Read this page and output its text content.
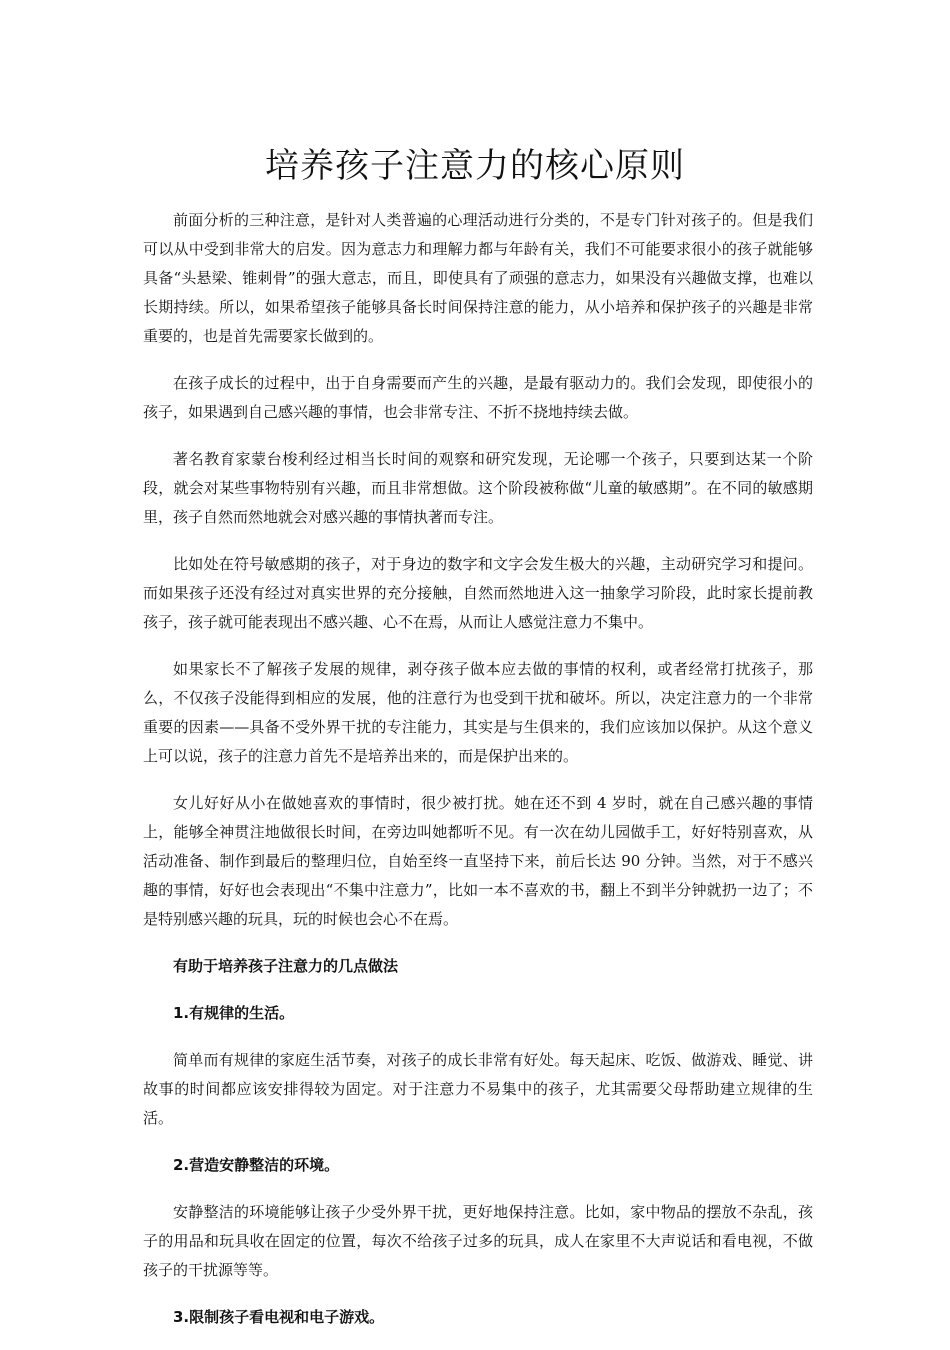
培养孩子注意力的核心原则

前面分析的三种注意，是针对人类普遍的心理活动进行分类的，不是专门针对孩子的。但是我们可以从中受到非常大的启发。因为意志力和理解力都与年龄有关，我们不可能要求很小的孩子就能够具备“头悬梁、锥刺骨”的强大意志，而且，即使具有了顽强的意志力，如果没有兴趣做支撑，也难以长期持续。所以，如果希望孩子能够具备长时间保持注意的能力，从小培养和保护孩子的兴趣是非常重要的，也是首先需要家长做到的。

在孩子成长的过程中，出于自身需要而产生的兴趣，是最有驱动力的。我们会发现，即使很小的孩子，如果遇到自己感兴趣的事情，也会非常专注、不折不挠地持续去做。

著名教育家蒙台梭利经过相当长时间的观察和研究发现，无论哪一个孩子，只要到达某一个阶段，就会对某些事物特别有兴趣，而且非常想做。这个阶段被称做“儿童的敏感期”。在不同的敏感期里，孩子自然而然地就会对感兴趣的事情执著而专注。

比如处在符号敏感期的孩子，对于身边的数字和文字会发生极大的兴趣，主动研究学习和提问。而如果孩子还没有经过对真实世界的充分接触，自然而然地进入这一抽象学习阶段，此时家长提前教孩子，孩子就可能表现出不感兴趣、心不在焉，从而让人感觉注意力不集中。

如果家长不了解孩子发展的规律，剥夺孩子做本应去做的事情的权利，或者经常打扰孩子，那么，不仅孩子没能得到相应的发展，他的注意行为也受到干扰和破坏。所以，决定注意力的一个非常重要的因素——具备不受外界干扰的专注能力，其实是与生俱来的，我们应该加以保护。从这个意义上可以说，孩子的注意力首先不是培养出来的，而是保护出来的。

女儿好好从小在做她喜欢的事情时，很少被打扰。她在还不到 4 岁时，就在自己感兴趣的事情上，能够全神贯注地做很长时间，在旁边叫她都听不见。有一次在幼儿园做手工，好好特别喜欢，从活动准备、制作到最后的整理归位，自始至终一直坚持下来，前后长达 90 分钟。当然，对于不感兴趣的事情，好好也会表现出“不集中注意力”，比如一本不喜欢的书，翻上不到半分钟就扔一边了；不是特别感兴趣的玩具，玩的时候也会心不在焉。

有助于培养孩子注意力的几点做法

1.有规律的生活。

简单而有规律的家庭生活节奏，对孩子的成长非常有好处。每天起床、吃饭、做游戏、睡觉、讲故事的时间都应该安排得较为固定。对于注意力不易集中的孩子，尤其需要父母帮助建立规律的生活。

2.营造安静整洁的环境。

安静整洁的环境能够让孩子少受外界干扰，更好地保持注意。比如，家中物品的摆放不杂乱，孩子的用品和玩具收在固定的位置，每次不给孩子过多的玩具，成人在家里不大声说话和看电视，不做孩子的干扰源等等。

3.限制孩子看电视和电子游戏。
